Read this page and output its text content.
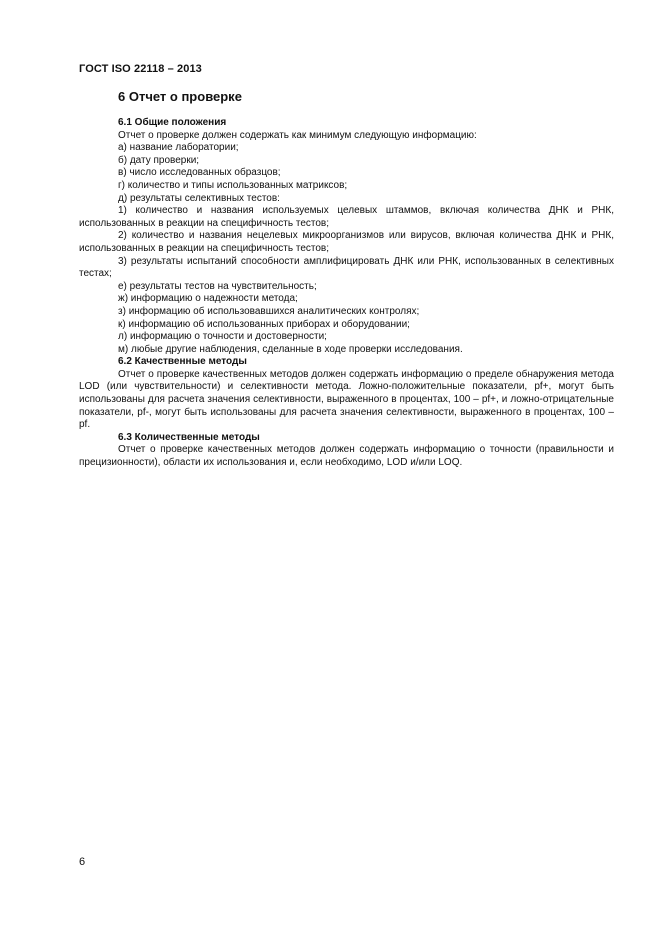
ГОСТ ISO 22118 – 2013
6 Отчет о проверке

6.1 Общие положения

Отчет о проверке должен содержать как минимум следующую информацию:

а) название лаборатории;

б) дату проверки;

в) число исследованных образцов;

г) количество и типы использованных матриксов;

д) результаты селективных тестов:

1) количество и названия используемых целевых штаммов, включая количества ДНК и РНК, использованных в реакции на специфичность тестов;

2) количество и названия нецелевых микроорганизмов или вирусов, включая количества ДНК и РНК, использованных в реакции на специфичность тестов;

3) результаты испытаний способности амплифицировать ДНК или РНК, использованных в селективных тестах;

е) результаты тестов на чувствительность;

ж) информацию о надежности метода;

з) информацию об использовавшихся аналитических контролях;

к) информацию об использованных приборах и оборудовании;

л) информацию о точности и достоверности;

м) любые другие наблюдения, сделанные в ходе проверки исследования.

6.2 Качественные методы

Отчет о проверке качественных методов должен содержать информацию о пределе обнаружения метода LOD (или чувствительности) и селективности метода. Ложно-положительные показатели, pf+, могут быть использованы для расчета значения селективности, выраженного в процентах, 100 – pf+, и ложно-отрицательные показатели, pf-, могут быть использованы для расчета значения селективности, выраженного в процентах, 100 – pf.

6.3 Количественные методы

Отчет о проверке качественных методов должен содержать информацию о точности (правильности и прецизионности), области их использования и, если необходимо, LOD и/или LOQ.

6
